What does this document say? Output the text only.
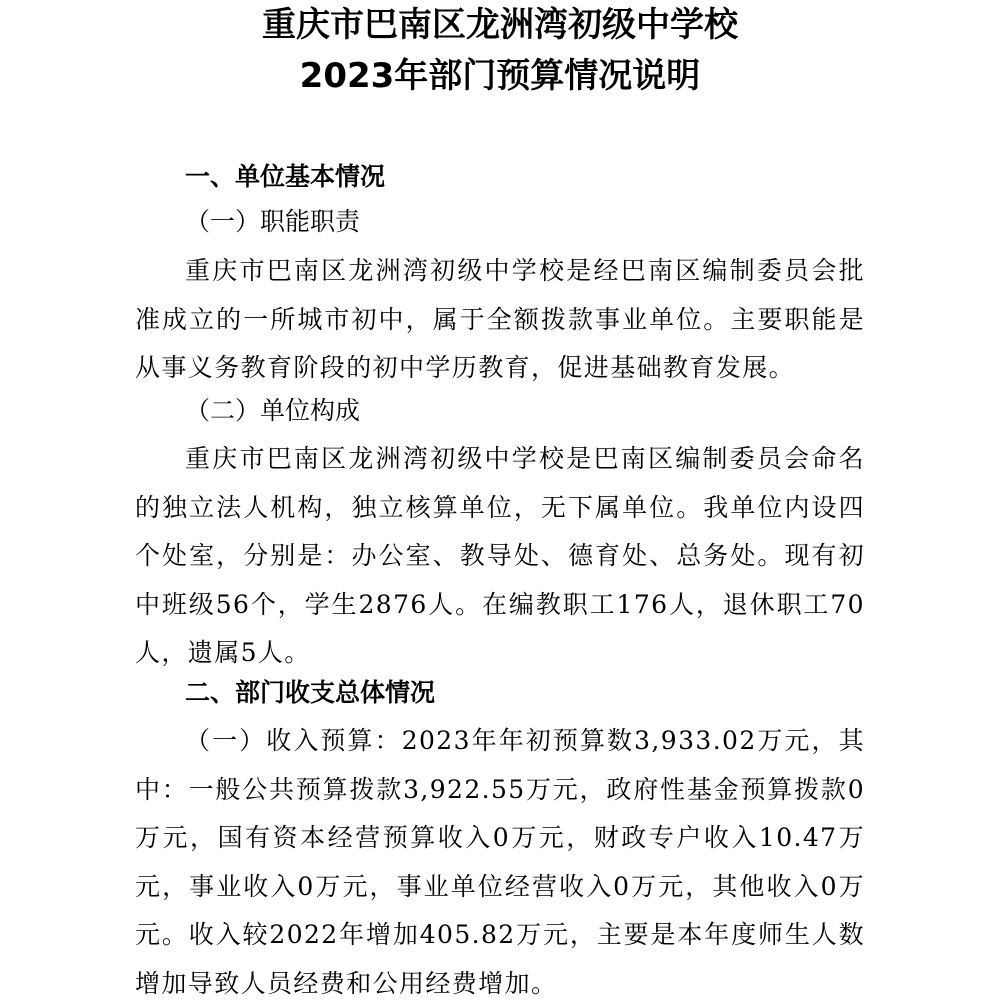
重庆市巴南区龙洲湾初级中学校
2023年部门预算情况说明
一、单位基本情况
（一）职能职责
重庆市巴南区龙洲湾初级中学校是经巴南区编制委员会批准成立的一所城市初中，属于全额拨款事业单位。主要职能是从事义务教育阶段的初中学历教育，促进基础教育发展。
（二）单位构成
重庆市巴南区龙洲湾初级中学校是巴南区编制委员会命名的独立法人机构，独立核算单位，无下属单位。我单位内设四个处室，分别是：办公室、教导处、德育处、总务处。现有初中班级56个，学生2876人。在编教职工176人，退休职工70人，遗属5人。
二、部门收支总体情况
（一）收入预算：2023年年初预算数3,933.02万元，其中：一般公共预算拨款3,922.55万元，政府性基金预算拨款0万元，国有资本经营预算收入0万元，财政专户收入10.47万元，事业收入0万元，事业单位经营收入0万元，其他收入0万元。收入较2022年增加405.82万元，主要是本年度师生人数增加导致人员经费和公用经费增加。
